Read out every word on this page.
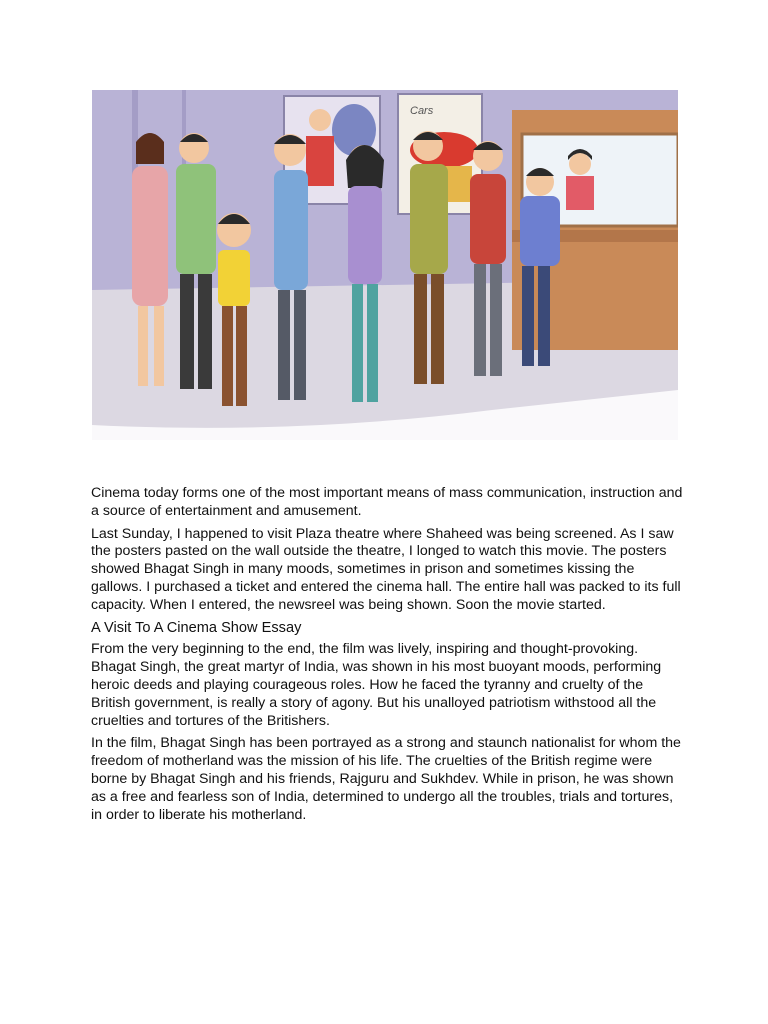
Cars

Cinema today forms one of the most important means of mass communication, instruction and a source of entertainment and amusement.

Last Sunday, I happened to visit Plaza theatre where Shaheed was being screened. As I saw the posters pasted on the wall outside the theatre, I longed to watch this movie. The posters showed Bhagat Singh in many moods, sometimes in prison and sometimes kissing the gallows. I purchased a ticket and entered the cinema hall. The entire hall was packed to its full capacity. When I entered, the newsreel was being shown. Soon the movie started.

A Visit To A Cinema Show Essay

From the very beginning to the end, the film was lively, inspiring and thought-provoking. Bhagat Singh, the great martyr of India, was shown in his most buoyant moods, performing heroic deeds and playing courageous roles. How he faced the tyranny and cruelty of the British government, is really a story of agony. But his unalloyed patriotism withstood all the cruelties and tortures of the Britishers.

In the film, Bhagat Singh has been portrayed as a strong and staunch nationalist for whom the freedom of motherland was the mission of his life. The cruelties of the British regime were borne by Bhagat Singh and his friends, Rajguru and Sukhdev. While in prison, he was shown as a free and fearless son of India, determined to undergo all the troubles, trials and tortures, in order to liberate his motherland.
